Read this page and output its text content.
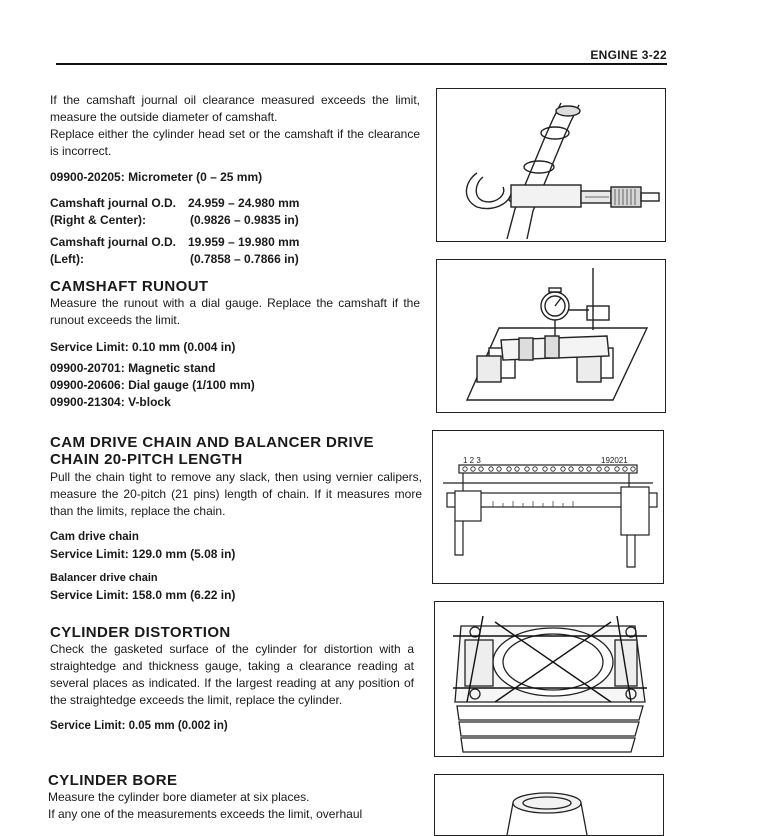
ENGINE 3-22

If the camshaft journal oil clearance measured exceeds the limit, measure the outside diameter of camshaft.

Replace either the cylinder head set or the camshaft if the clearance is incorrect.

09900-20205: Micrometer (0 – 25 mm)

Camshaft journal O.D. 24.959 – 24.980 mm
(Right & Center):	(0.9826 – 0.9835 in)
Camshaft journal O.D. 19.959 – 19.980 mm
(Left):	(0.7858 – 0.7866 in)

CAMSHAFT RUNOUT

Measure the runout with a dial gauge. Replace the camshaft if the runout exceeds the limit.

Service Limit: 0.10 mm (0.004 in)

09900-20701: Magnetic stand

09900-20606: Dial gauge (1/100 mm)

09900-21304: V-block

CAM DRIVE CHAIN AND BALANCER DRIVE

CHAIN 20-PITCH LENGTH

Pull the chain tight to remove any slack, then using vernier calipers, measure the 20-pitch (21 pins) length of chain. If it measures more than the limits, replace the chain.

Cam drive chain

Service Limit: 129.0 mm (5.08 in)

Balancer drive chain

Service Limit: 158.0 mm (6.22 in)

CYLINDER DISTORTION

Check the gasketed surface of the cylinder for distortion with a straightedge and thickness gauge, taking a clearance reading at several places as indicated. If the largest reading at any position of the straightedge exceeds the limit, replace the cylinder.

Service Limit: 0.05 mm (0.002 in)

CYLINDER BORE

Measure the cylinder bore diameter at six places.

If any one of the measurements exceeds the limit, overhaul

1 2 3	192021
